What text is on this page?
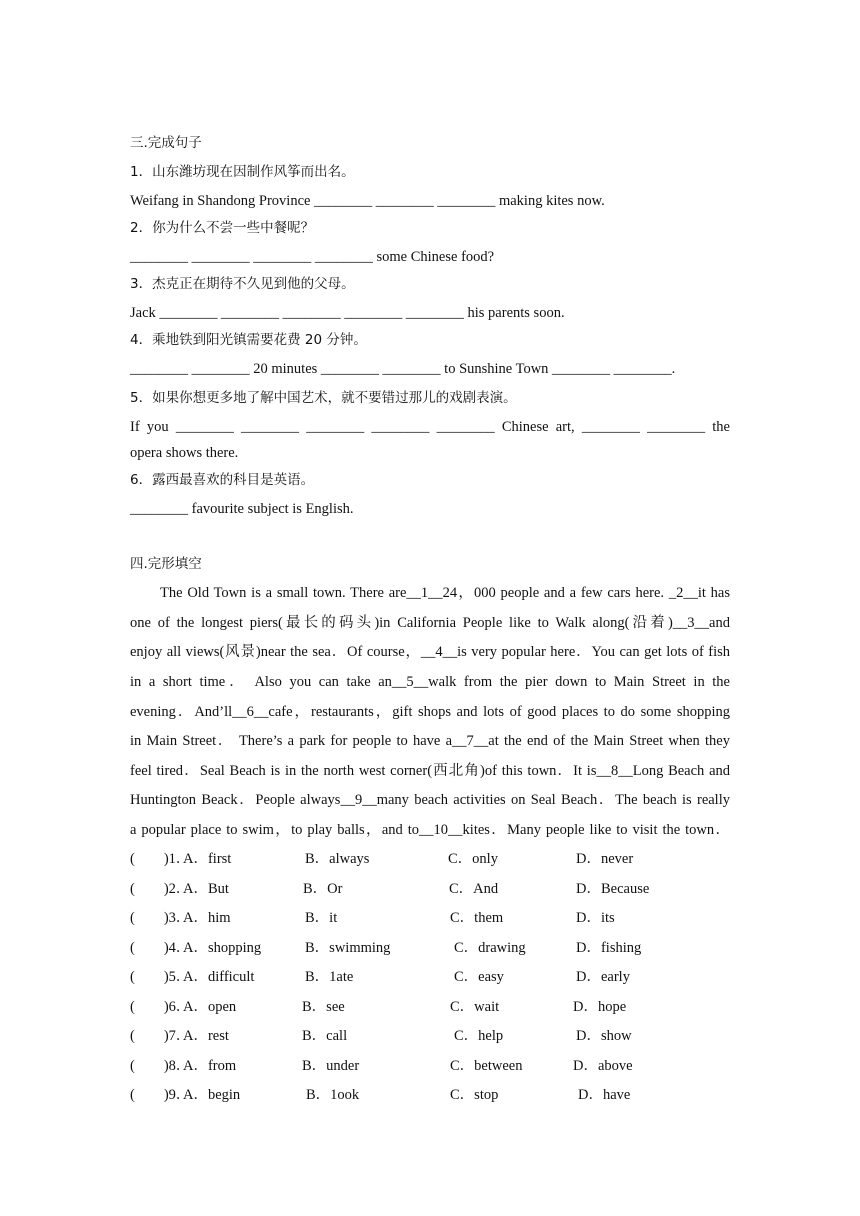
三.完成句子
1．山东潍坊现在因制作风筝而出名。
Weifang in Shandong Province ________ ________ ________ making kites now.
2．你为什么不尝一些中餐呢？
________ ________ ________ ________ some Chinese food?
3．杰克正在期待不久见到他的父母。
Jack ________ ________ ________ ________ ________ his parents soon.
4．乘地铁到阳光镇需要花费 20 分钟。
________ ________ 20 minutes ________ ________ to Sunshine Town ________ ________.
5．如果你想更多地了解中国艺术，就不要错过那儿的戏剧表演。
If you ________ ________ ________ ________ ________ Chinese art, ________ ________ the
opera shows there.
6．露西最喜欢的科目是英语。
________ favourite subject is English.
四.完形填空
The Old Town is a small town. There are__1__24，000 people and a few cars here. _2__it has
one of the longest piers(最长的码头)in California People like to Walk along(沿着)__3__and
enjoy all views(风景)near the sea．Of course，__4__is very popular here．You can get lots of fish
in a short time． Also you can take an__5__walk from the pier down to Main Street in the
evening．And’ll__6__cafe，restaurants，gift shops and lots of good places to do some shopping
in Main Street． There’s a park for people to have a__7__at the end of the Main Street when they
feel tired．Seal Beach is in the north west corner(西北角)of this town．It is__8__Long Beach and
Huntington Beack．People always__9__many beach activities on Seal Beach．The beach is really
a popular place to swim，to play balls，and to__10__kites．Many people like to visit the town．
(　　)1．
A．first	B．always	C．only	D．never
(　　)2．
A．But	B．Or	C．And	D．Because
(　　)3．
A．him	B．it	C．them	D．its
(　　)4．
A．shopping	B．swimming	C．drawing	D．fishing
(　　)5．
A．difficult	B．1ate	C．easy	D．early
(　　)6．
A．open	B．see	C．wait	D．hope
(　　)7．
A．rest	B．call	C．help	D．show
(　　)8．
A．from	B．under	C．between	D．above
(　　)9．
A．begin	B．1ook	C．stop	D．have
